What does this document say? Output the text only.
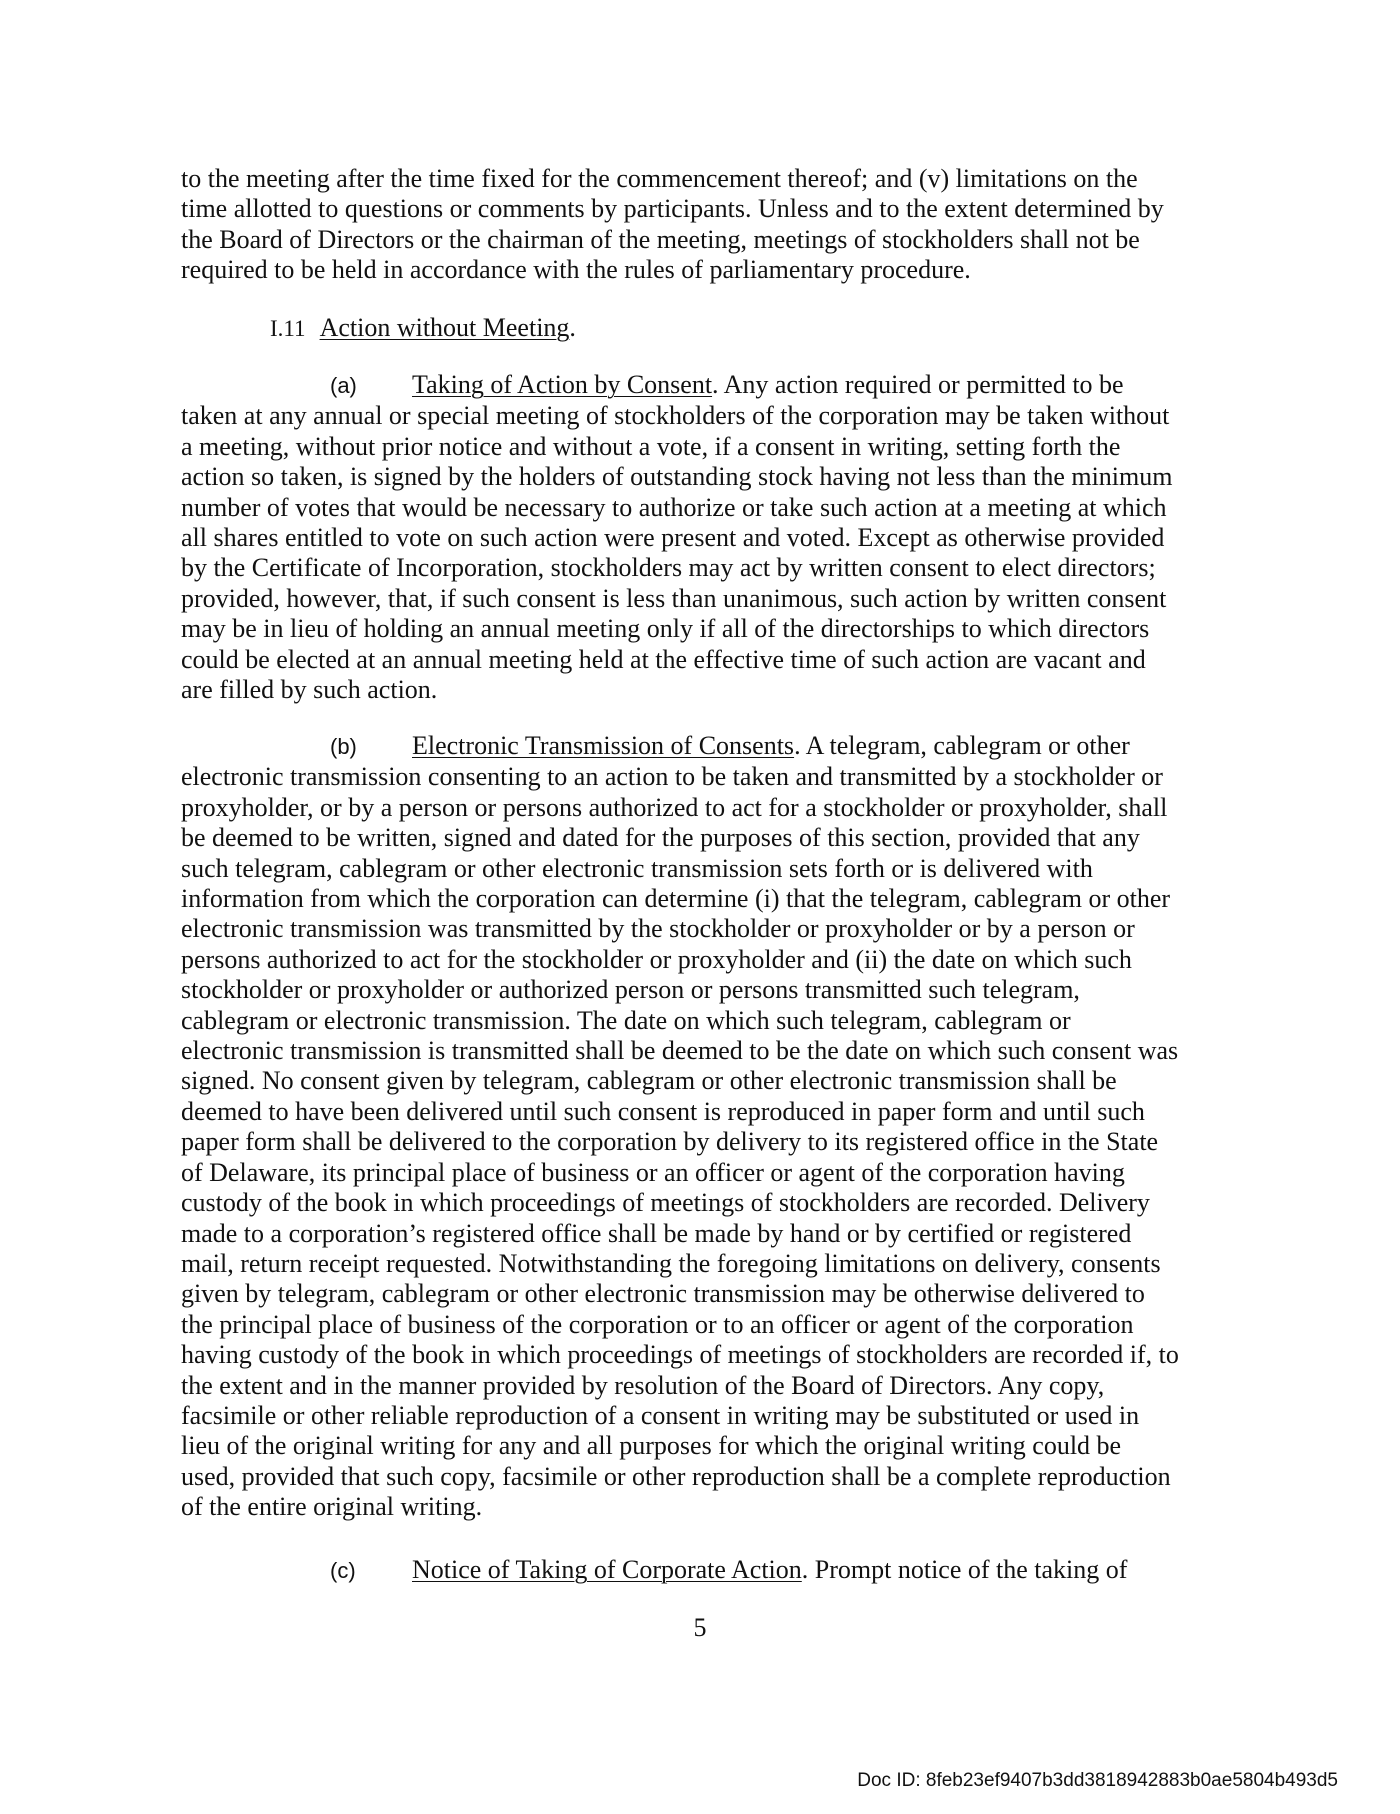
to the meeting after the time fixed for the commencement thereof; and (v) limitations on the
time allotted to questions or comments by participants. Unless and to the extent determined by
the Board of Directors or the chairman of the meeting, meetings of stockholders shall not be
required to be held in accordance with the rules of parliamentary procedure.
I.11 Action without Meeting.
(a) Taking of Action by Consent. Any action required or permitted to be
taken at any annual or special meeting of stockholders of the corporation may be taken without
a meeting, without prior notice and without a vote, if a consent in writing, setting forth the
action so taken, is signed by the holders of outstanding stock having not less than the minimum
number of votes that would be necessary to authorize or take such action at a meeting at which
all shares entitled to vote on such action were present and voted. Except as otherwise provided
by the Certificate of Incorporation, stockholders may act by written consent to elect directors;
provided, however, that, if such consent is less than unanimous, such action by written consent
may be in lieu of holding an annual meeting only if all of the directorships to which directors
could be elected at an annual meeting held at the effective time of such action are vacant and
are filled by such action.
(b) Electronic Transmission of Consents. A telegram, cablegram or other
electronic transmission consenting to an action to be taken and transmitted by a stockholder or
proxyholder, or by a person or persons authorized to act for a stockholder or proxyholder, shall
be deemed to be written, signed and dated for the purposes of this section, provided that any
such telegram, cablegram or other electronic transmission sets forth or is delivered with
information from which the corporation can determine (i) that the telegram, cablegram or other
electronic transmission was transmitted by the stockholder or proxyholder or by a person or
persons authorized to act for the stockholder or proxyholder and (ii) the date on which such
stockholder or proxyholder or authorized person or persons transmitted such telegram,
cablegram or electronic transmission. The date on which such telegram, cablegram or
electronic transmission is transmitted shall be deemed to be the date on which such consent was
signed. No consent given by telegram, cablegram or other electronic transmission shall be
deemed to have been delivered until such consent is reproduced in paper form and until such
paper form shall be delivered to the corporation by delivery to its registered office in the State
of Delaware, its principal place of business or an officer or agent of the corporation having
custody of the book in which proceedings of meetings of stockholders are recorded. Delivery
made to a corporation’s registered office shall be made by hand or by certified or registered
mail, return receipt requested. Notwithstanding the foregoing limitations on delivery, consents
given by telegram, cablegram or other electronic transmission may be otherwise delivered to
the principal place of business of the corporation or to an officer or agent of the corporation
having custody of the book in which proceedings of meetings of stockholders are recorded if, to
the extent and in the manner provided by resolution of the Board of Directors. Any copy,
facsimile or other reliable reproduction of a consent in writing may be substituted or used in
lieu of the original writing for any and all purposes for which the original writing could be
used, provided that such copy, facsimile or other reproduction shall be a complete reproduction
of the entire original writing.
(c) Notice of Taking of Corporate Action. Prompt notice of the taking of
5
Doc ID: 8feb23ef9407b3dd3818942883b0ae5804b493d5
